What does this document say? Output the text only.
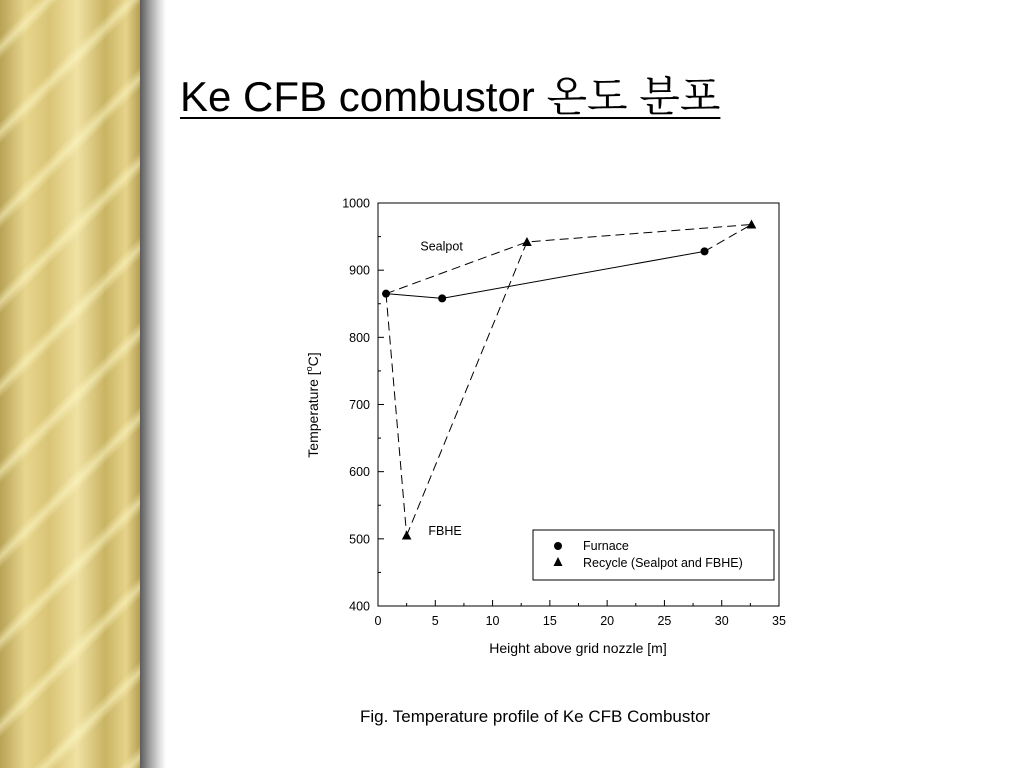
Ke CFB combustor 온도 분포
0	5	10	15	20	25	30	35
400
500
600
700
800
900
1000
Sealpot
FBHE
Height above grid nozzle [m]
Temperature [$^o$C]
Furnace
Recycle (Sealpot and FBHE)
Fig. Temperature profile of Ke CFB Combustor
